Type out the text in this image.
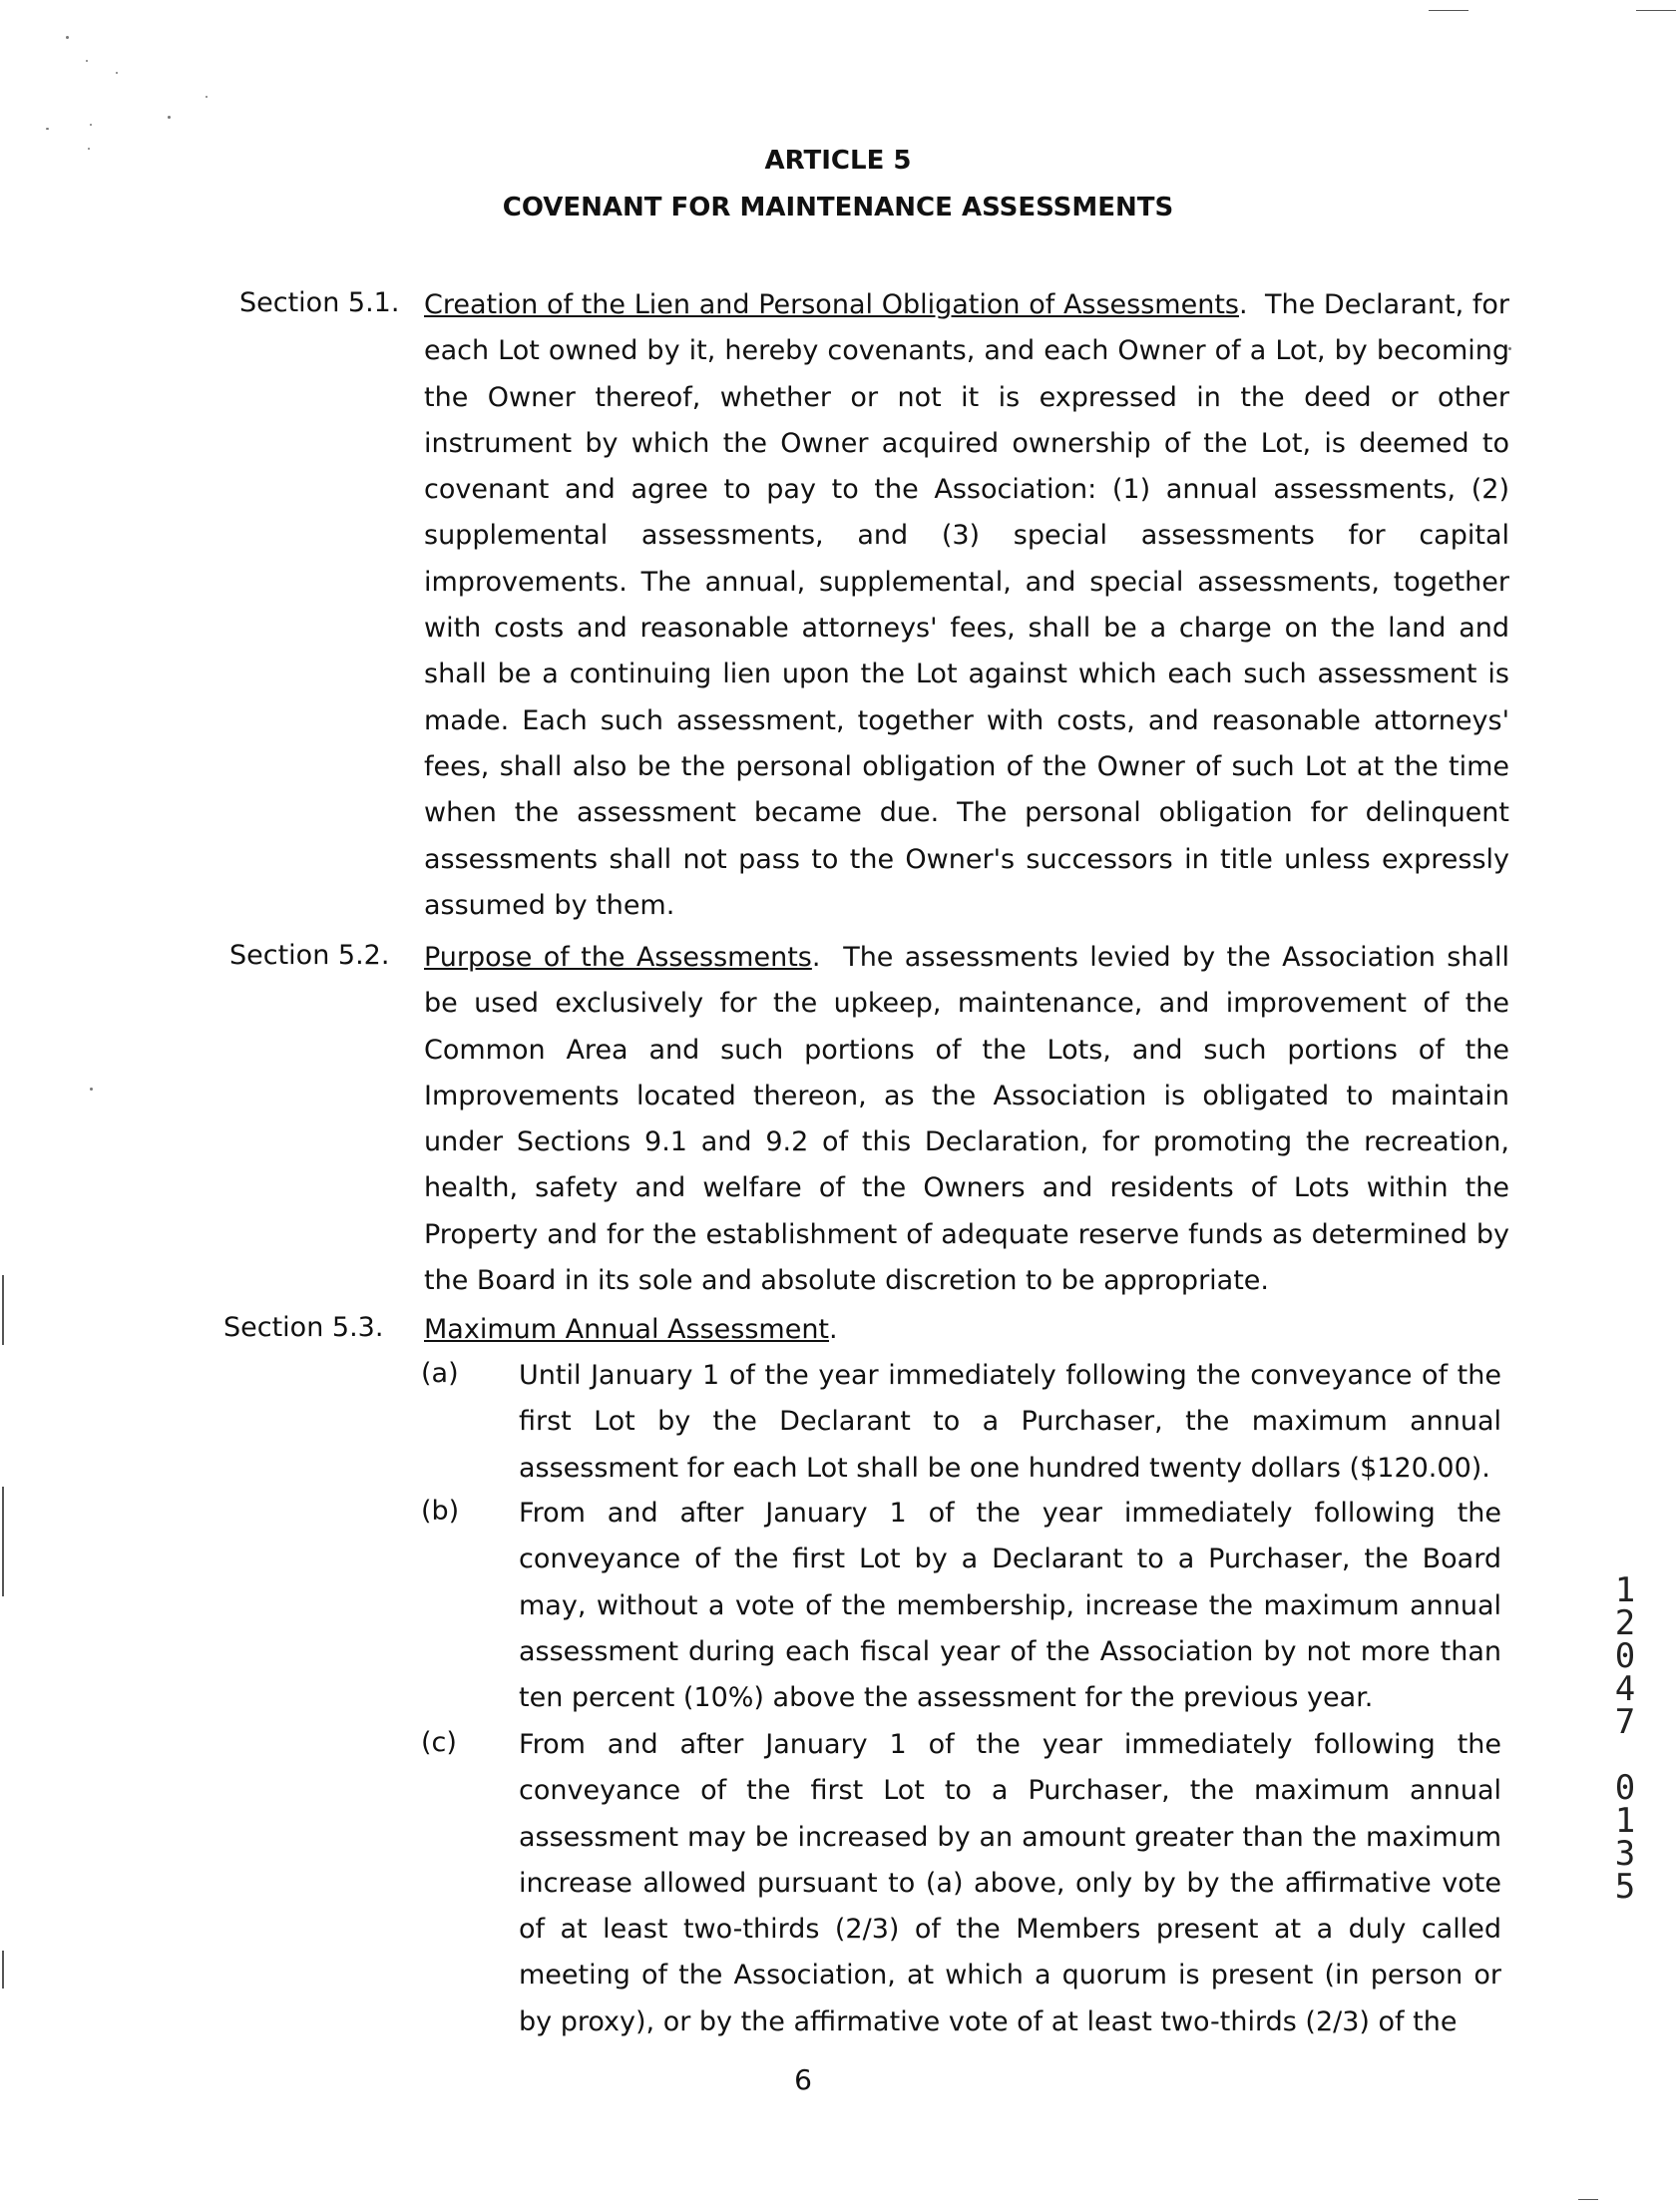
ARTICLE 5
COVENANT FOR MAINTENANCE ASSESSMENTS
Section 5.1. Creation of the Lien and Personal Obligation of Assessments.  The Declarant, for each Lot owned by it, hereby covenants, and each Owner of a Lot, by becoming the Owner thereof, whether or not it is expressed in the deed or other instrument by which the Owner acquired ownership of the Lot, is deemed to covenant and agree to pay to the Association: (1) annual assessments, (2) supplemental assessments, and (3) special assessments for capital improvements. The annual, supplemental, and special assessments, together with costs and reasonable attorneys' fees, shall be a charge on the land and shall be a continuing lien upon the Lot against which each such assessment is made. Each such assessment, together with costs, and reasonable attorneys' fees, shall also be the personal obligation of the Owner of such Lot at the time when the assessment became due. The personal obligation for delinquent assessments shall not pass to the Owner's successors in title unless expressly assumed by them.
Section 5.2. Purpose of the Assessments.  The assessments levied by the Association shall be used exclusively for the upkeep, maintenance, and improvement of the Common Area and such portions of the Lots, and such portions of the Improvements located thereon, as the Association is obligated to maintain under Sections 9.1 and 9.2 of this Declaration, for promoting the recreation, health, safety and welfare of the Owners and residents of Lots within the Property and for the establishment of adequate reserve funds as determined by the Board in its sole and absolute discretion to be appropriate.
Section 5.3. Maximum Annual Assessment.
(a) Until January 1 of the year immediately following the conveyance of the first Lot by the Declarant to a Purchaser, the maximum annual assessment for each Lot shall be one hundred twenty dollars ($120.00).
(b) From and after January 1 of the year immediately following the conveyance of the first Lot by a Declarant to a Purchaser, the Board may, without a vote of the membership, increase the maximum annual assessment during each fiscal year of the Association by not more than ten percent (10%) above the assessment for the previous year.
(c) From and after January 1 of the year immediately following the conveyance of the first Lot to a Purchaser, the maximum annual assessment may be increased by an amount greater than the maximum increase allowed pursuant to (a) above, only by by the affirmative vote of at least two-thirds (2/3) of the Members present at a duly called meeting of the Association, at which a quorum is present (in person or by proxy), or by the affirmative vote of at least two-thirds (2/3) of the
6
1
2
0
4
7
0
1
3
5
